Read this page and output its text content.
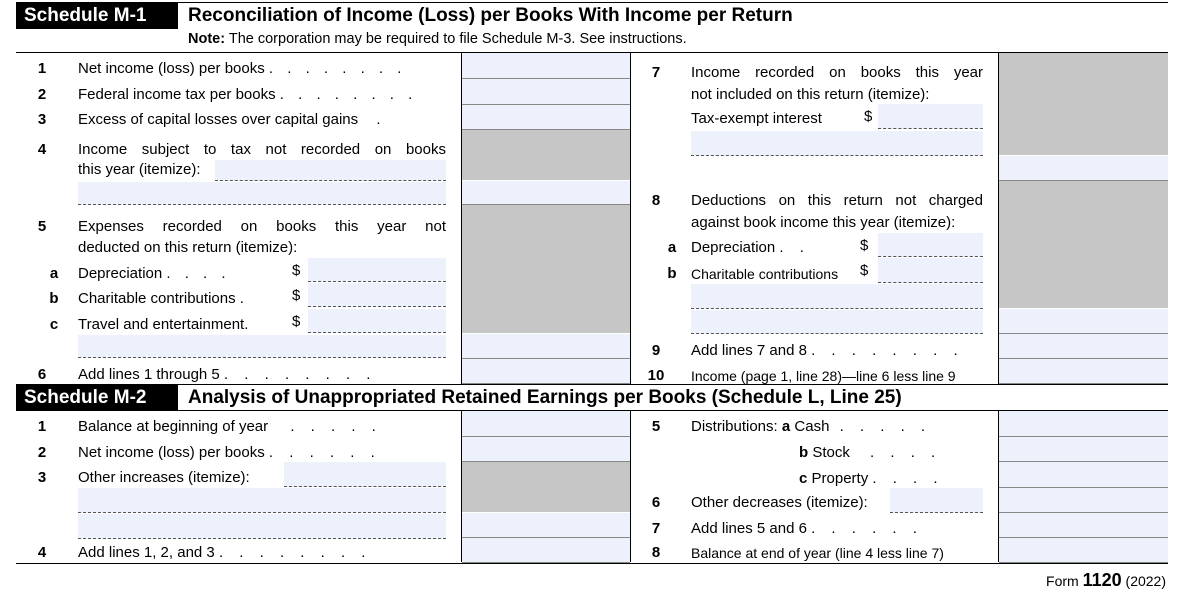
Schedule M-1	Reconciliation of Income (Loss) per Books With Income per Return
Note: The corporation may be required to file Schedule M-3. See instructions.
1	Net income (loss) per books . . . . . . . .
2	Federal income tax per books . . . . . . . .
3	Excess of capital losses over capital gains .
4	Income subject to tax not recorded on books
this year (itemize):
5	Expenses recorded on books this year not
deducted on this return (itemize):
a	Depreciation . . . .	$
b	Charitable contributions .	$
c	Travel and entertainment.	$
6	Add lines 1 through 5 . . . . . . . .
7	Income recorded on books this year
not included on this return (itemize):
Tax-exempt interest	$
8	Deductions on this return not charged
against book income this year (itemize):
a Depreciation . .	$
b	Charitable contributions $
9	Add lines 7 and 8 . . . . . . . .
10 Income (page 1, line 28)—line 6 less line 9
Schedule M-2	Analysis of Unappropriated Retained Earnings per Books (Schedule L, Line 25)
1	Balance at beginning of year . . . . .
2	Net income (loss) per books . . . . . .
3	Other increases (itemize):
4	Add lines 1, 2, and 3 . . . . . . . .
5	Distributions: a Cash . . . . .
b Stock . . . .
c Property . . . .
6	Other decreases (itemize):
7	Add lines 5 and 6 . . . . . .
8	Balance at end of year (line 4 less line 7)
Form 1120 (2022)
